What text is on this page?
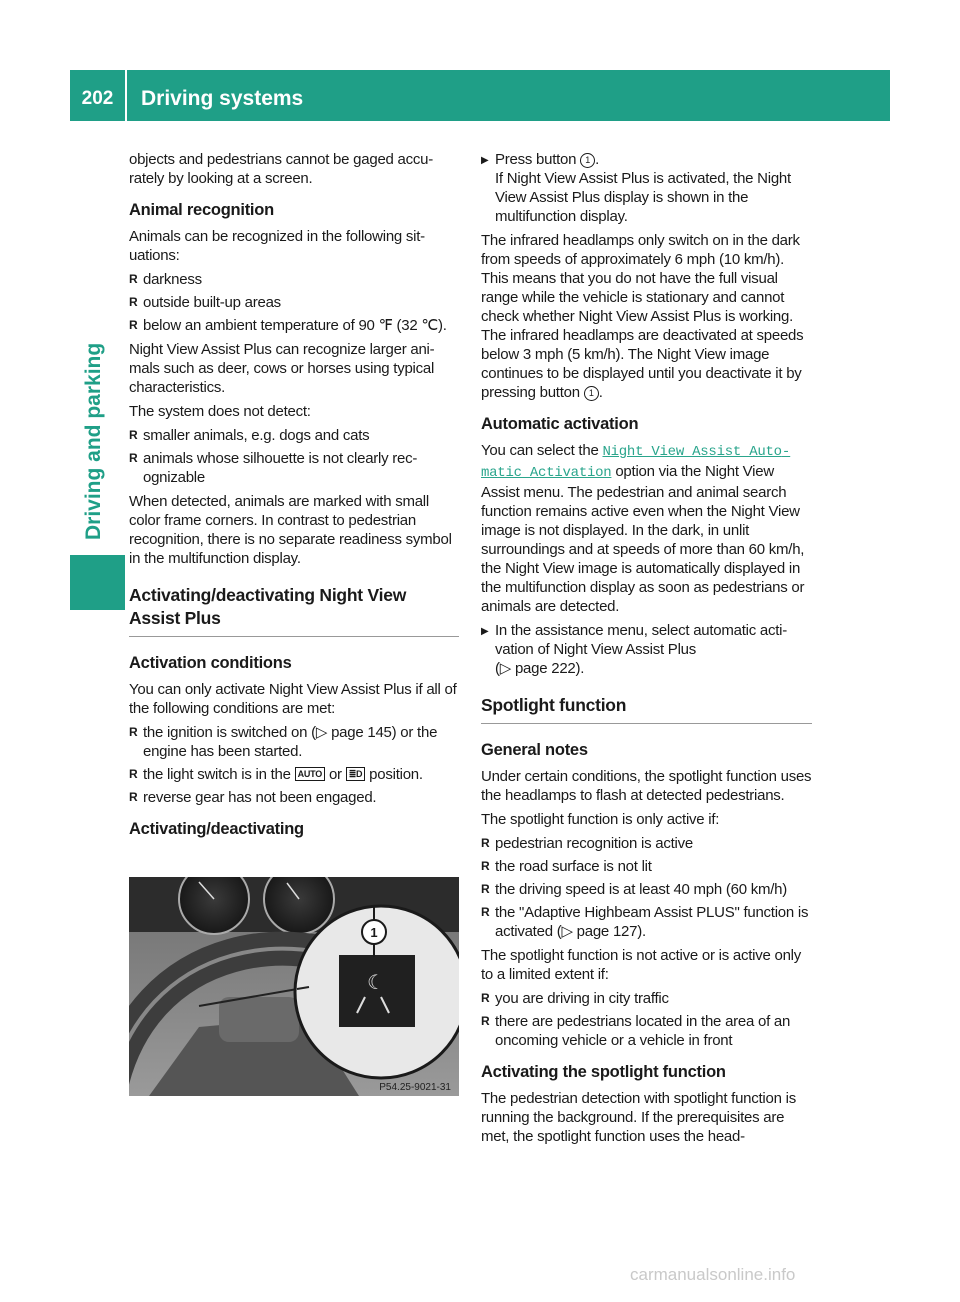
202	Driving systems
Driving and parking

objects and pedestrians cannot be gaged accurately by looking at a screen.

Animal recognition

Animals can be recognized in the following situations:

R darkness
R outside built-up areas
R below an ambient temperature of 90 ℉ (32 ℃).

Night View Assist Plus can recognize larger animals such as deer, cows or horses using typical characteristics.

The system does not detect:

R smaller animals, e.g. dogs and cats
R animals whose silhouette is not clearly recognizable

When detected, animals are marked with small color frame corners. In contrast to pedestrian recognition, there is no separate readiness symbol in the multifunction display.

Activating/deactivating Night View Assist Plus
Activation conditions

You can only activate Night View Assist Plus if all of the following conditions are met:

R the ignition is switched on (▷ page 145) or the engine has been started.
R the light switch is in the AUTO or ≣D position.
R reverse gear has not been engaged.
Activating/deactivating
☾
1
P54.25-9021-31
▶ Press button 1 .
If Night View Assist Plus is activated, the Night View Assist Plus display is shown in the multifunction display.

The infrared headlamps only switch on in the dark from speeds of approximately 6 mph (10 km/h). This means that you do not have the full visual range while the vehicle is stationary and cannot check whether Night View Assist Plus is working. The infrared headlamps are deactivated at speeds below 3 mph (5 km/h). The Night View image continues to be displayed until you deactivate it by pressing button 1 .

Automatic activation

You can select the Night View Assist Automatic Activation option via the Night View Assist menu. The pedestrian and animal search function remains active even when the Night View image is not displayed. In the dark, in unlit surroundings and at speeds of more than 60 km/h, the Night View image is automatically displayed in the multifunction display as soon as pedestrians or animals are detected.

▶ In the assistance menu, select automatic activation of Night View Assist Plus
(▷ page 222).
Spotlight function
General notes

Under certain conditions, the spotlight function uses the headlamps to flash at detected pedestrians.

The spotlight function is only active if:

R pedestrian recognition is active
R the road surface is not lit
R the driving speed is at least 40 mph (60 km/h)
R the "Adaptive Highbeam Assist PLUS" function is activated (▷ page 127).

The spotlight function is not active or is active only to a limited extent if:

R you are driving in city traffic
R there are pedestrians located in the area of an oncoming vehicle or a vehicle in front
Activating the spotlight function

The pedestrian detection with spotlight function is running the background. If the prerequisites are met, the spotlight function uses the head-

carmanualsonline.info
